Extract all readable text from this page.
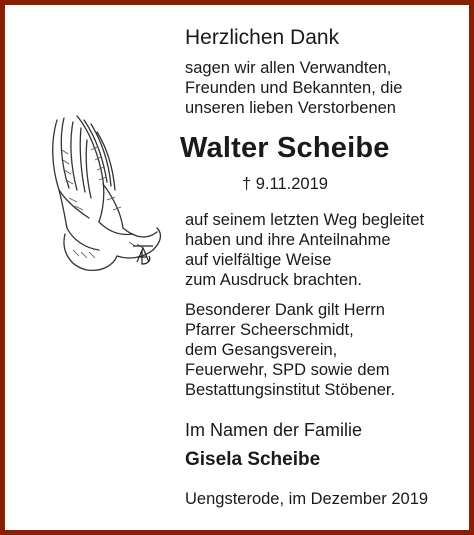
Herzlichen Dank

sagen wir allen Verwandten,
Freunden und Bekannten, die
unseren lieben Verstorbenen
Walter Scheibe
† 9.11.2019
auf seinem letzten Weg begleitet
haben und ihre Anteilnahme
auf vielfältige Weise
zum Ausdruck brachten.
Besonderer Dank gilt Herrn
Pfarrer Scheerschmidt,
dem Gesangsverein,
Feuerwehr, SPD sowie dem
Bestattungsinstitut Stöbener.

Im Namen der Familie

Gisela Scheibe

Uengsterode, im Dezember 2019
